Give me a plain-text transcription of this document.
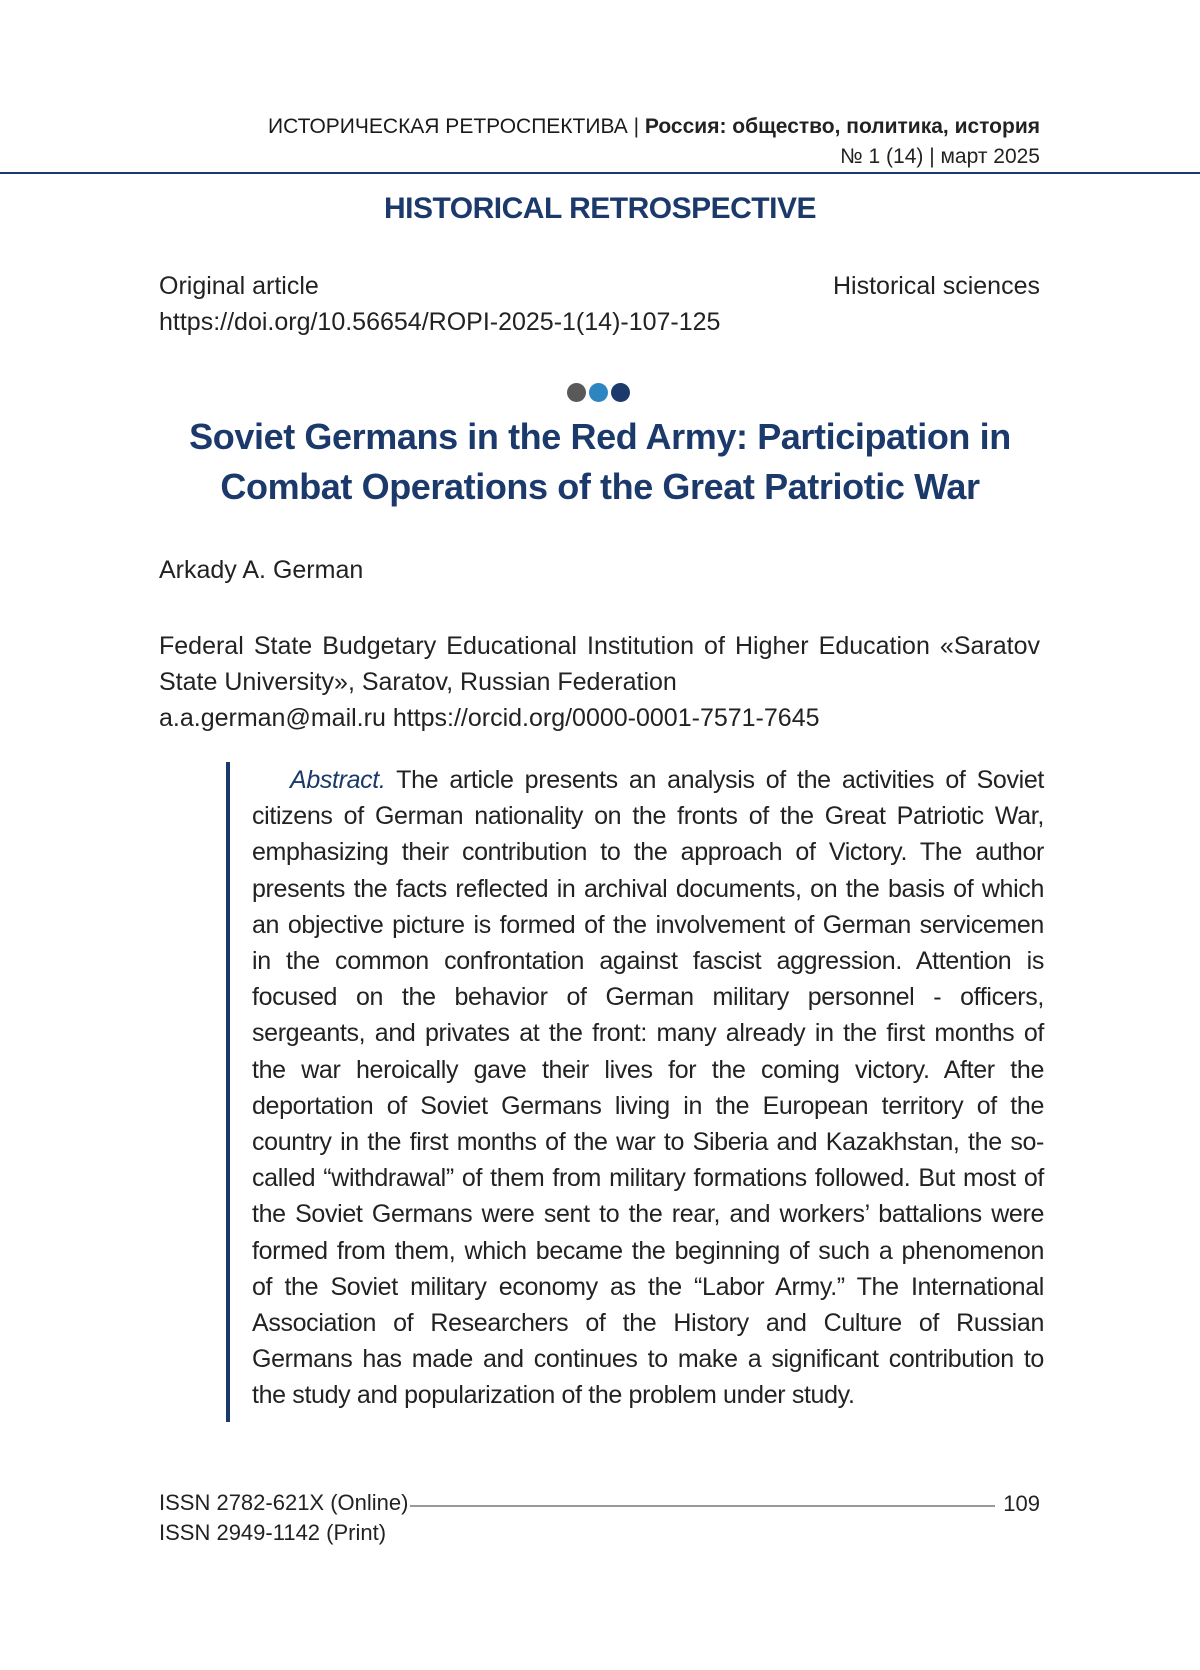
ИСТОРИЧЕСКАЯ РЕТРОСПЕКТИВА | Россия: общество, политика, история
№ 1 (14) | март 2025
HISTORICAL RETROSPECTIVE
Original article	Historical sciences
https://doi.org/10.56654/ROPI-2025-1(14)-107-125
Soviet Germans in the Red Army: Participation in
Combat Operations of the Great Patriotic War
Arkady A. German
Federal State Budgetary Educational Institution of Higher Education «Saratov State University», Saratov, Russian Federation
a.a.german@mail.ru https://orcid.org/0000-0001-7571-7645
Abstract. The article presents an analysis of the activities of Soviet citizens of German nationality on the fronts of the Great Patriotic War, emphasizing their contribution to the approach of Victory. The author presents the facts reflected in archival documents, on the basis of which an objective picture is formed of the involvement of German servicemen in the common confrontation against fascist aggression. Attention is focused on the behavior of German military personnel - officers, sergeants, and privates at the front: many already in the first months of the war heroically gave their lives for the coming victory. After the deportation of Soviet Germans living in the European territory of the country in the first months of the war to Siberia and Kazakhstan, the so-called “withdrawal” of them from military formations followed. But most of the Soviet Germans were sent to the rear, and workers’ battalions were formed from them, which became the beginning of such a phenomenon of the Soviet military economy as the “Labor Army.” The International Association of Researchers of the History and Culture of Russian Germans has made and continues to make a significant contribution to the study and popularization of the problem under study.
ISSN 2782-621X (Online)
ISSN 2949-1142 (Print)
109
